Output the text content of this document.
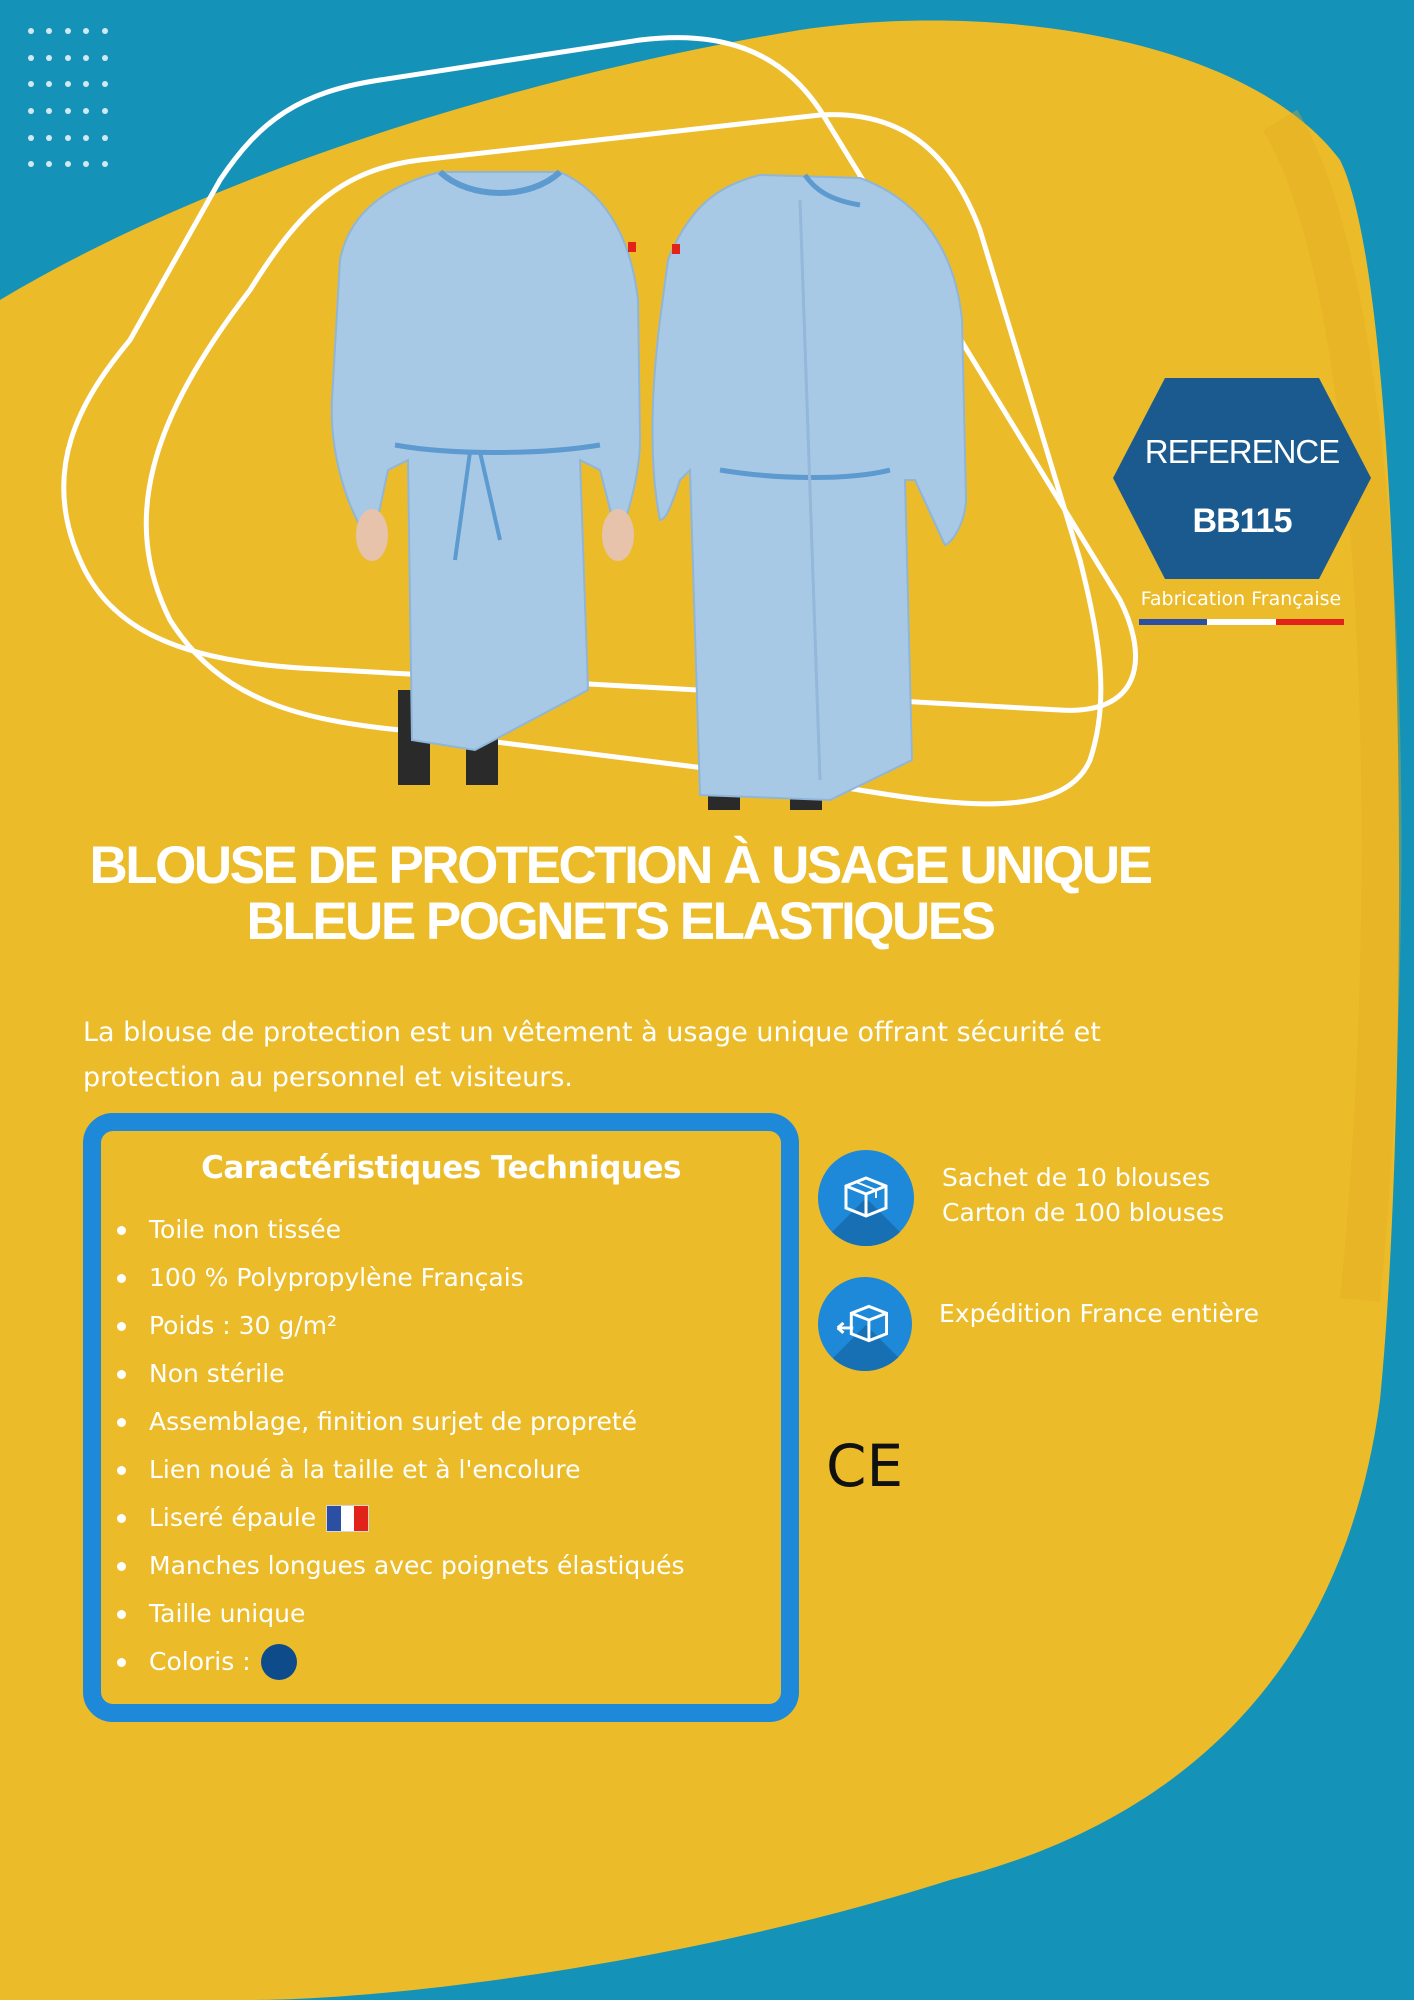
REFERENCE
BB115
Fabrication Française
BLOUSE DE PROTECTION À USAGE UNIQUE
BLEUE POGNETS ELASTIQUES
La blouse de protection est un vêtement à usage unique offrant sécurité et
protection au personnel et visiteurs.
Caractéristiques Techniques
Toile non tissée
100 % Polypropylène Français
Poids : 30 g/m²
Non stérile
Assemblage, finition surjet de propreté
Lien noué à la taille et à l'encolure
Liseré épaule
Manches longues avec poignets élastiqués
Taille unique
Coloris :
Sachet de 10 blouses
Carton de 100 blouses
Expédition France entière
CE
